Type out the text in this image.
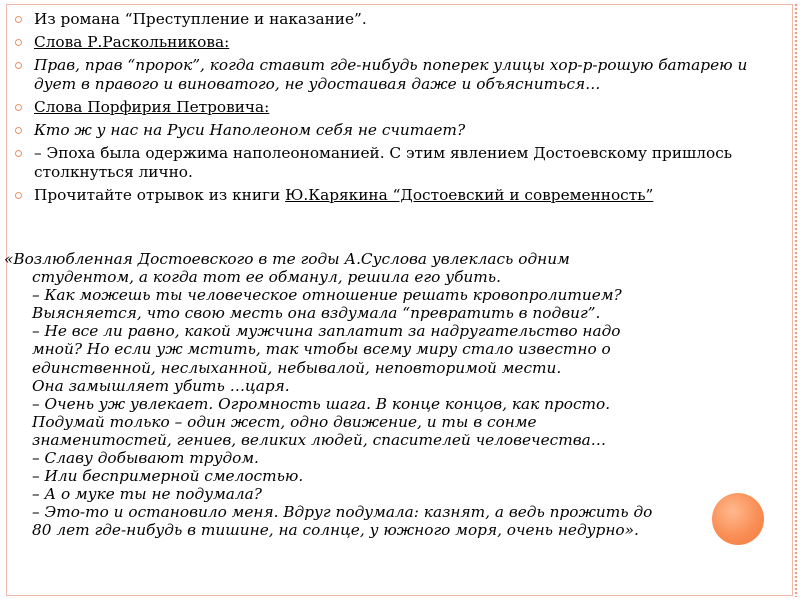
Из романа “Преступление и наказание”.
Слова Р.Раскольникова:
Прав, прав “пророк”, когда ставит где-нибудь поперек улицы хор-р-рошую батарею и дует в правого и виноватого, не удостаивая даже и объясниться…
Слова Порфирия Петровича:
Кто ж у нас на Руси Наполеоном себя не считает?
– Эпоха была одержима наполеономанией. С этим явлением Достоевскому пришлось столкнуться лично.
Прочитайте отрывок из книги Ю.Карякина “Достоевский и современность”
«Возлюбленная Достоевского в те годы А.Суслова увлеклась одним
студентом, а когда тот ее обманул, решила его убить.
– Как можешь ты человеческое отношение решать кровопролитием?
Выясняется, что свою месть она вздумала “превратить в подвиг”.
– Не все ли равно, какой мужчина заплатит за надругательство надо
мной? Но если уж мстить, так чтобы всему миру стало известно о
единственной, неслыханной, небывалой, неповторимой мести.
Она замышляет убить …царя.
– Очень уж увлекает. Огромность шага. В конце концов, как просто.
Подумай только – один жест, одно движение, и ты в сонме
знаменитостей, гениев, великих людей, спасителей человечества…
– Славу добывают трудом.
– Или беспримерной смелостью.
– А о муке ты не подумала?
– Это-то и остановило меня. Вдруг подумала: казнят, а ведь прожить до
80 лет где-нибудь в тишине, на солнце, у южного моря, очень недурно».
